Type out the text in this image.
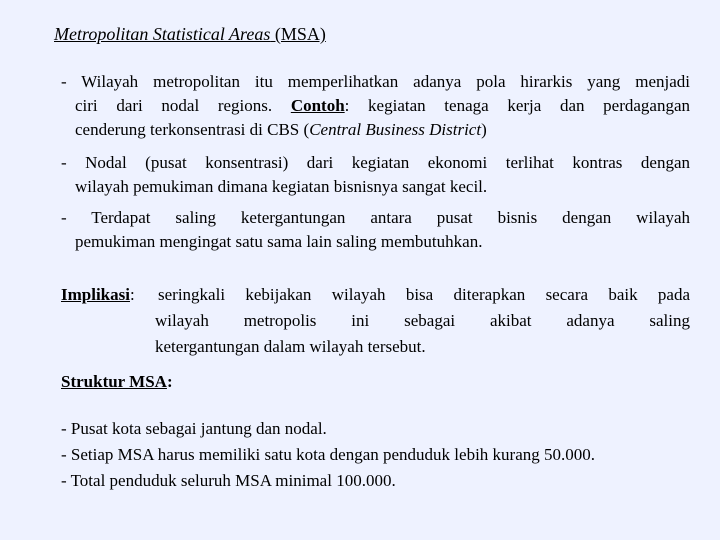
Metropolitan Statistical Areas (MSA)
- Wilayah metropolitan itu memperlihatkan adanya pola hirarkis yang menjadi
ciri dari nodal regions. Contoh: kegiatan tenaga kerja dan perdagangan
cenderung terkonsentrasi di CBS (Central Business District)
- Nodal (pusat konsentrasi) dari kegiatan ekonomi terlihat kontras dengan
wilayah pemukiman dimana kegiatan bisnisnya sangat kecil.
- Terdapat saling ketergantungan antara pusat bisnis dengan wilayah
pemukiman mengingat satu sama lain saling membutuhkan.
Implikasi: seringkali kebijakan wilayah bisa diterapkan secara baik pada
wilayah metropolis ini sebagai akibat adanya saling
ketergantungan dalam wilayah tersebut.
Struktur MSA:
- Pusat kota sebagai jantung dan nodal.
- Setiap MSA harus memiliki satu kota dengan penduduk lebih kurang 50.000.
- Total penduduk seluruh MSA minimal 100.000.
